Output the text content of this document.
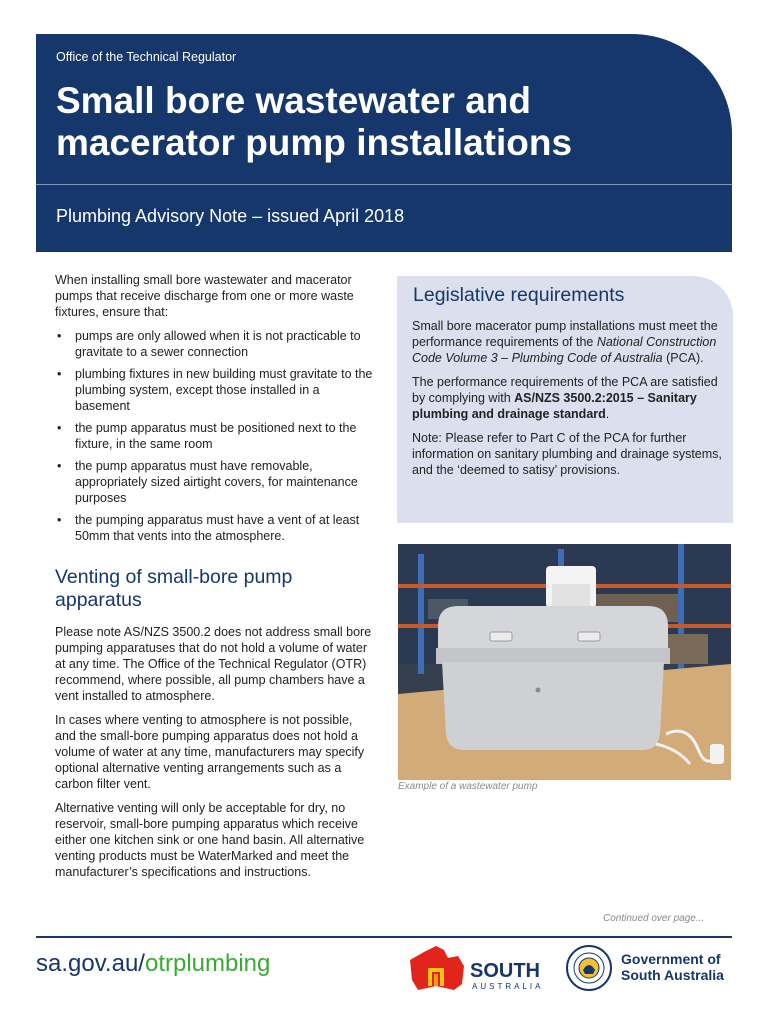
Office of the Technical Regulator
Small bore wastewater and macerator pump installations
Plumbing Advisory Note – issued April 2018

When installing small bore wastewater and macerator pumps that receive discharge from one or more waste fixtures, ensure that:

• pumps are only allowed when it is not practicable to gravitate to a sewer connection
• plumbing fixtures in new building must gravitate to the plumbing system, except those installed in a basement
• the pump apparatus must be positioned next to the fixture, in the same room
• the pump apparatus must have removable, appropriately sized airtight covers, for maintenance purposes
• the pumping apparatus must have a vent of at least 50mm that vents into the atmosphere.
Venting of small-bore pump apparatus

Please note AS/NZS 3500.2 does not address small bore pumping apparatuses that do not hold a volume of water at any time. The Office of the Technical Regulator (OTR) recommend, where possible, all pump chambers have a vent installed to atmosphere.

In cases where venting to atmosphere is not possible, and the small-bore pumping apparatus does not hold a volume of water at any time, manufacturers may specify optional alternative venting arrangements such as a carbon filter vent.

Alternative venting will only be acceptable for dry, no reservoir, small-bore pumping apparatus which receive either one kitchen sink or one hand basin. All alternative venting products must be WaterMarked and meet the manufacturer’s specifications and instructions.

Legislative requirements

Small bore macerator pump installations must meet the performance requirements of the National Construction Code Volume 3 – Plumbing Code of Australia (PCA).

The performance requirements of the PCA are satisfied by complying with AS/NZS 3500.2:2015 – Sanitary plumbing and drainage standard.

Note: Please refer to Part C of the PCA for further information on sanitary plumbing and drainage systems, and the ‘deemed to satisy’ provisions.

Example of a wastewater pump
Continued over page...
sa.gov.au/otrplumbing	SOUTH
AUSTRALIA
Government of
South Australia
